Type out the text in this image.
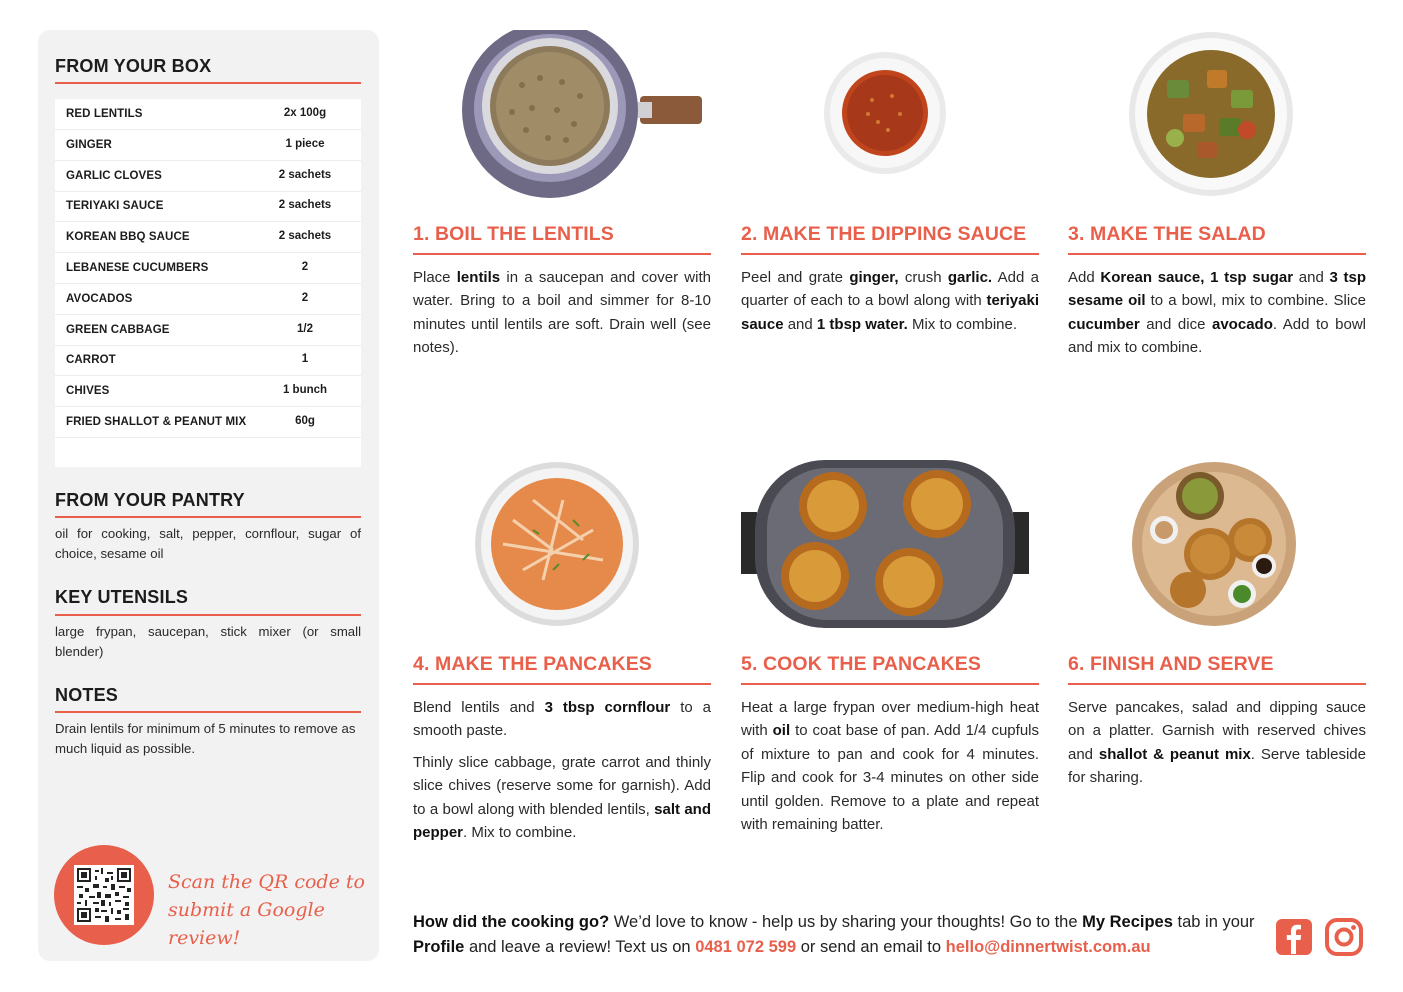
FROM YOUR BOX
RED LENTILS	2x 100g
GINGER	1 piece
GARLIC CLOVES	2 sachets
TERIYAKI SAUCE	2 sachets
KOREAN BBQ SAUCE	2 sachets
LEBANESE CUCUMBERS	2
AVOCADOS	2
GREEN CABBAGE	1/2
CARROT	1
CHIVES	1 bunch
FRIED SHALLOT & PEANUT MIX	60g
FROM YOUR PANTRY
oil for cooking, salt, pepper, cornflour, sugar of choice, sesame oil
KEY UTENSILS
large frypan, saucepan, stick mixer (or small blender)
NOTES
Drain lentils for minimum of 5 minutes to remove as much liquid as possible.
Scan the QR code to
submit a Google review!
1. BOIL THE LENTILS

Place lentils in a saucepan and cover with water. Bring to a boil and simmer for 8-10 minutes until lentils are soft. Drain well (see notes).

2. MAKE THE DIPPING SAUCE

Peel and grate ginger, crush garlic. Add a quarter of each to a bowl along with teriyaki sauce and 1 tbsp water. Mix to combine.

3. MAKE THE SALAD

Add Korean sauce, 1 tsp sugar and 3 tsp sesame oil to a bowl, mix to combine. Slice cucumber and dice avocado. Add to bowl and mix to combine.

4. MAKE THE PANCAKES

Blend lentils and 3 tbsp cornflour to a smooth paste.

Thinly slice cabbage, grate carrot and thinly slice chives (reserve some for garnish). Add to a bowl along with blended lentils, salt and pepper. Mix to combine.

5. COOK THE PANCAKES

Heat a large frypan over medium-high heat with oil to coat base of pan. Add 1/4 cupfuls of mixture to pan and cook for 4 minutes. Flip and cook for 3-4 minutes on other side until golden. Remove to a plate and repeat with remaining batter.

6. FINISH AND SERVE

Serve pancakes, salad and dipping sauce on a platter. Garnish with reserved chives and shallot & peanut mix. Serve tableside for sharing.

How did the cooking go? We’d love to know - help us by sharing your thoughts! Go to the My Recipes tab in your Profile and leave a review! Text us on 0481 072 599 or send an email to hello@dinnertwist.com.au
